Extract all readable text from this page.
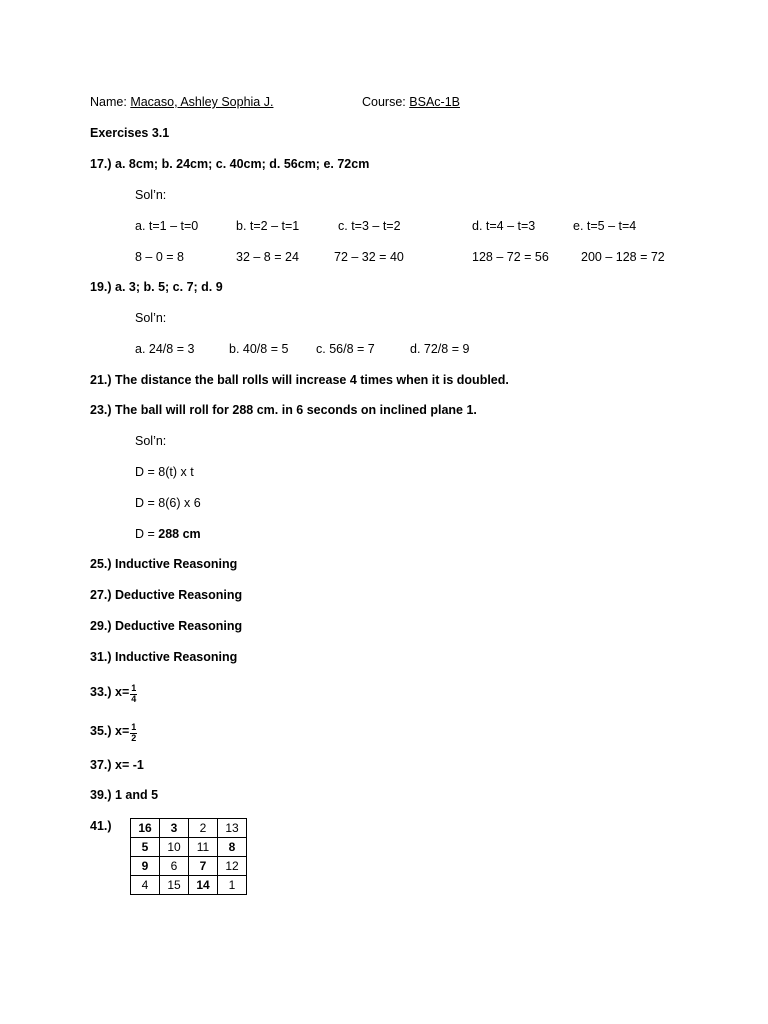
Name: Macaso, Ashley Sophia J.	Course: BSAc-1B
Exercises 3.1
17.) a. 8cm; b. 24cm; c. 40cm; d. 56cm; e. 72cm
Sol’n:
a. t=1 – t=0	b. t=2 – t=1	c. t=3 – t=2	d. t=4 – t=3	e. t=5 – t=4
8 – 0 = 8	32 – 8 = 24	72 – 32 = 40	128 – 72 = 56	200 – 128 = 72
19.) a. 3; b. 5; c. 7; d. 9
Sol’n:
a. 24/8 = 3	b. 40/8 = 5 c. 56/8 = 7	d. 72/8 = 9
21.) The distance the ball rolls will increase 4 times when it is doubled.
23.) The ball will roll for 288 cm. in 6 seconds on inclined plane 1.
Sol’n:
D = 8(t) x t
D = 8(6) x 6
D = 288 cm
25.) Inductive Reasoning
27.) Deductive Reasoning
29.) Deductive Reasoning
31.) Inductive Reasoning
33.) $x= \frac{1}{4}$
35.) $x= \frac{1}{2}$
37.) x= -1
39.) 1 and 5
41.) 16	3	2	13
5	10	11	8
9	6	7	12
4	15	14	1
